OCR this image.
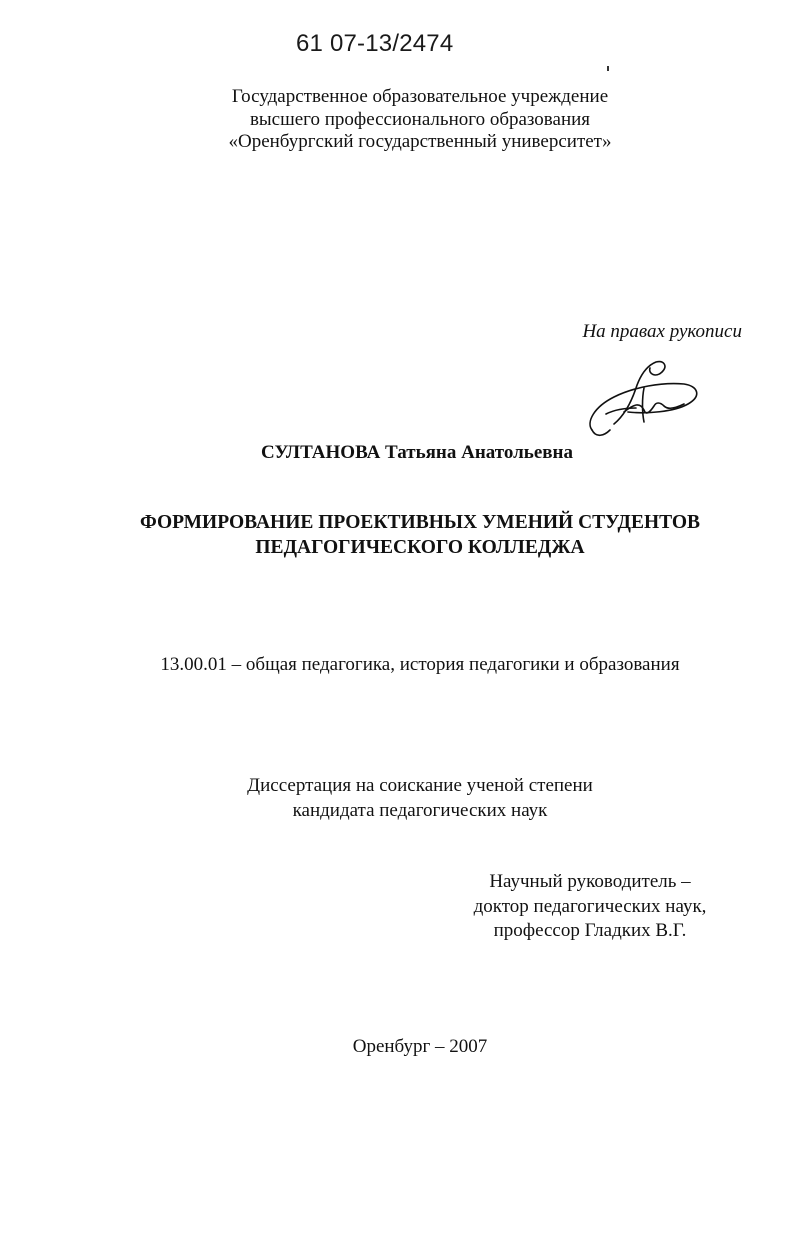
61 07-13/2474
Государственное образовательное учреждение
высшего профессионального образования
«Оренбургский государственный университет»
На правах рукописи
СУЛТАНОВА Татьяна Анатольевна
ФОРМИРОВАНИЕ ПРОЕКТИВНЫХ УМЕНИЙ СТУДЕНТОВ
ПЕДАГОГИЧЕСКОГО КОЛЛЕДЖА
13.00.01 – общая педагогика, история педагогики и образования
Диссертация на соискание ученой степени
кандидата педагогических наук
Научный руководитель –
доктор педагогических наук,
профессор Гладких В.Г.
Оренбург – 2007
